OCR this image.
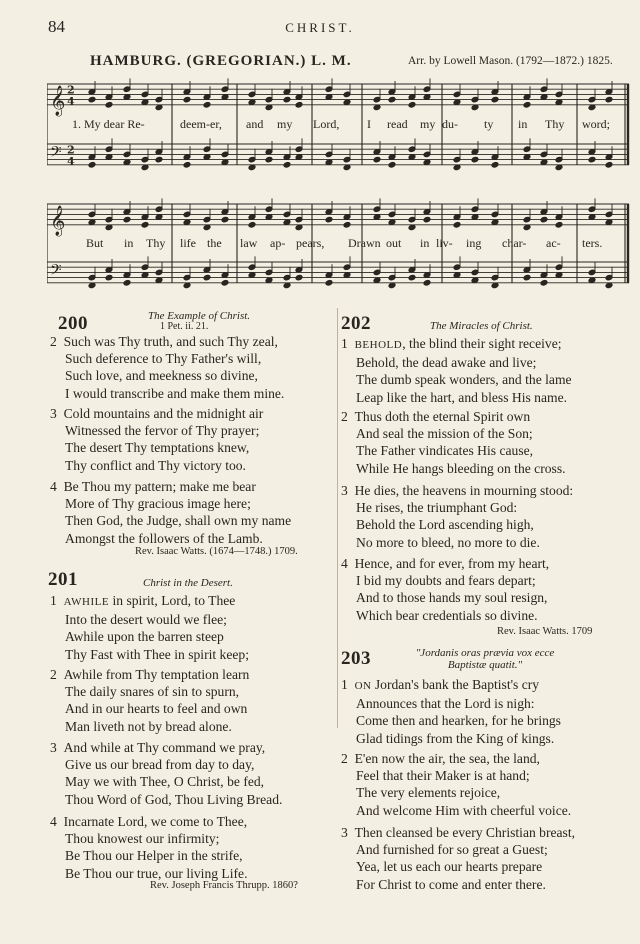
84	CHRIST.
HAMBURG. (GREGORIAN.) L. M.	Arr. by Lowell Mason. (1792—1872.) 1825.
𝄞
𝄞
𝄢
𝄢
2
4
2
4
1. My dear Re-	deem- er, and my Lord, I read my du- ty in Thy word;
But in Thy life the law ap- pears, Drawn out in liv- ing char- ac- ters.
200	The Example of Christ.
1 Pet. ii. 21.
2 Such was Thy truth, and such Thy zeal,
Such deference to Thy Father's will,
Such love, and meekness so divine,
I would transcribe and make them mine.
3 Cold mountains and the midnight air
Witnessed the fervor of Thy prayer;
The desert Thy temptations knew,
Thy conflict and Thy victory too.
4 Be Thou my pattern; make me bear
More of Thy gracious image here;
Then God, the Judge, shall own my name
Amongst the followers of the Lamb.
Rev. Isaac Watts. (1674—1748.) 1709.
201	Christ in the Desert.
1 AWHILE in spirit, Lord, to Thee
Into the desert would we flee;
Awhile upon the barren steep
Thy Fast with Thee in spirit keep;
2 Awhile from Thy temptation learn
The daily snares of sin to spurn,
And in our hearts to feel and own
Man liveth not by bread alone.
3 And while at Thy command we pray,
Give us our bread from day to day,
May we with Thee, O Christ, be fed,
Thou Word of God, Thou Living Bread.
4 Incarnate Lord, we come to Thee,
Thou knowest our infirmity;
Be Thou our Helper in the strife,
Be Thou our true, our living Life.
Rev. Joseph Francis Thrupp. 1860?
202	The Miracles of Christ.
1 BEHOLD, the blind their sight receive;
Behold, the dead awake and live;
The dumb speak wonders, and the lame
Leap like the hart, and bless His name.
2 Thus doth the eternal Spirit own
And seal the mission of the Son;
The Father vindicates His cause,
While He hangs bleeding on the cross.
3 He dies, the heavens in mourning stood:
He rises, the triumphant God:
Behold the Lord ascending high,
No more to bleed, no more to die.
4 Hence, and for ever, from my heart,
I bid my doubts and fears depart;
And to those hands my soul resign,
Which bear credentials so divine.
Rev. Isaac Watts. 1709
203	"Jordanis oras prævia vox ecce Baptistæ quatit."
1 ON Jordan's bank the Baptist's cry
Announces that the Lord is nigh:
Come then and hearken, for he brings
Glad tidings from the King of kings.
2 E'en now the air, the sea, the land,
Feel that their Maker is at hand;
The very elements rejoice,
And welcome Him with cheerful voice.
3 Then cleansed be every Christian breast,
And furnished for so great a Guest;
Yea, let us each our hearts prepare
For Christ to come and enter there.
